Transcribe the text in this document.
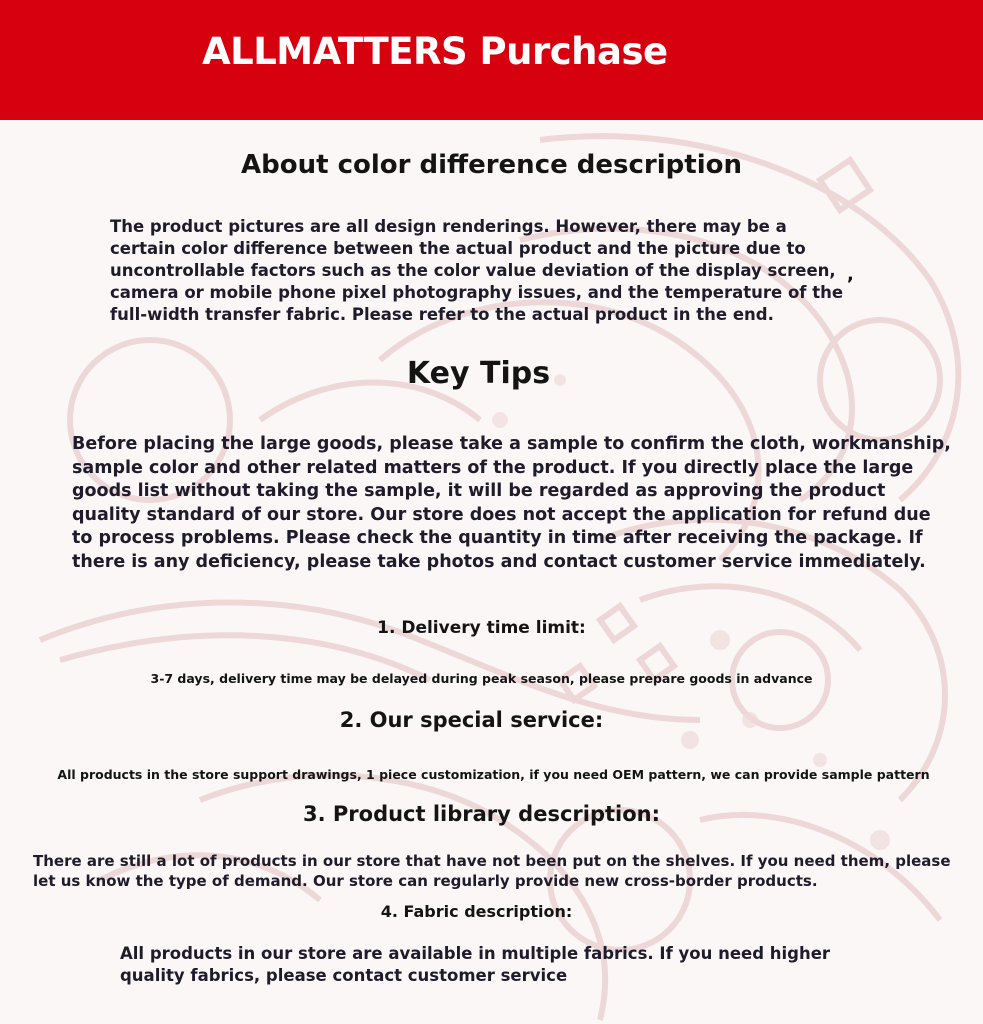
ALLMATTERS Purchase
About color difference description

The product pictures are all design renderings. However, there may be a certain color difference between the actual product and the picture due to uncontrollable factors such as the color value deviation of the display screen, camera or mobile phone pixel photography issues, and the temperature of the full-width transfer fabric. Please refer to the actual product in the end.

,
Key Tips

Before placing the large goods, please take a sample to confirm the cloth, workmanship, sample color and other related matters of the product. If you directly place the large goods list without taking the sample, it will be regarded as approving the product quality standard of our store. Our store does not accept the application for refund due to process problems. Please check the quantity in time after receiving the package. If there is any deficiency, please take photos and contact customer service immediately.

1. Delivery time limit:

3-7 days, delivery time may be delayed during peak season, please prepare goods in advance

2. Our special service:

All products in the store support drawings, 1 piece customization, if you need OEM pattern, we can provide sample pattern

3. Product library description:

There are still a lot of products in our store that have not been put on the shelves. If you need them, please let us know the type of demand. Our store can regularly provide new cross-border products.

4. Fabric description:

All products in our store are available in multiple fabrics. If you need higher quality fabrics, please contact customer service
